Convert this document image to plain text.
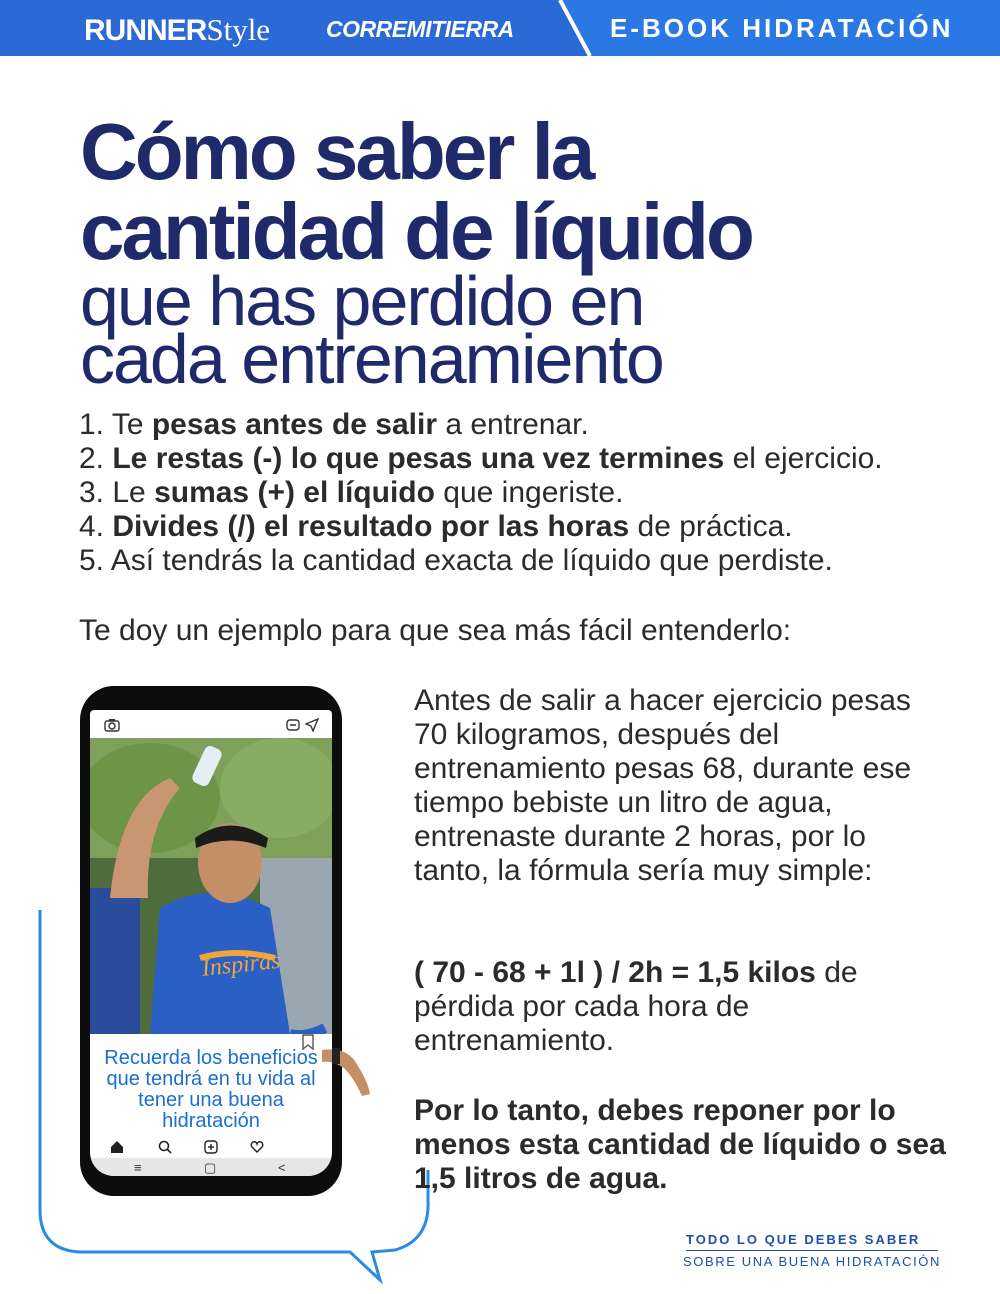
RUNNERStyle CORREMITIERRA	E-BOOK HIDRATACIÓN
Cómo saber la
cantidad de líquido
que has perdido en
cada entrenamiento
1. Te pesas antes de salir a entrenar.
2. Le restas (-) lo que pesas una vez termines el ejercicio.
3. Le sumas (+) el líquido que ingeriste.
4. Divides (/) el resultado por las horas de práctica.
5. Así tendrás la cantidad exacta de líquido que perdiste.
Te doy un ejemplo para que sea más fácil entenderlo:
Inspiras
Recuerda los beneficios que tendrá en tu vida al tener una buena hidratación
≡	▢	<
Antes de salir a hacer ejercicio pesas 70 kilogramos, después del entrenamiento pesas 68, durante ese tiempo bebiste un litro de agua, entrenaste durante 2 horas, por lo tanto, la fórmula sería muy simple:
( 70 - 68 + 1l ) / 2h = 1,5 kilos de pérdida por cada hora de entrenamiento.
Por lo tanto, debes reponer por lo menos esta cantidad de líquido o sea 1,5 litros de agua.
TODO LO QUE DEBES SABER
SOBRE UNA BUENA HIDRATACIÓN
